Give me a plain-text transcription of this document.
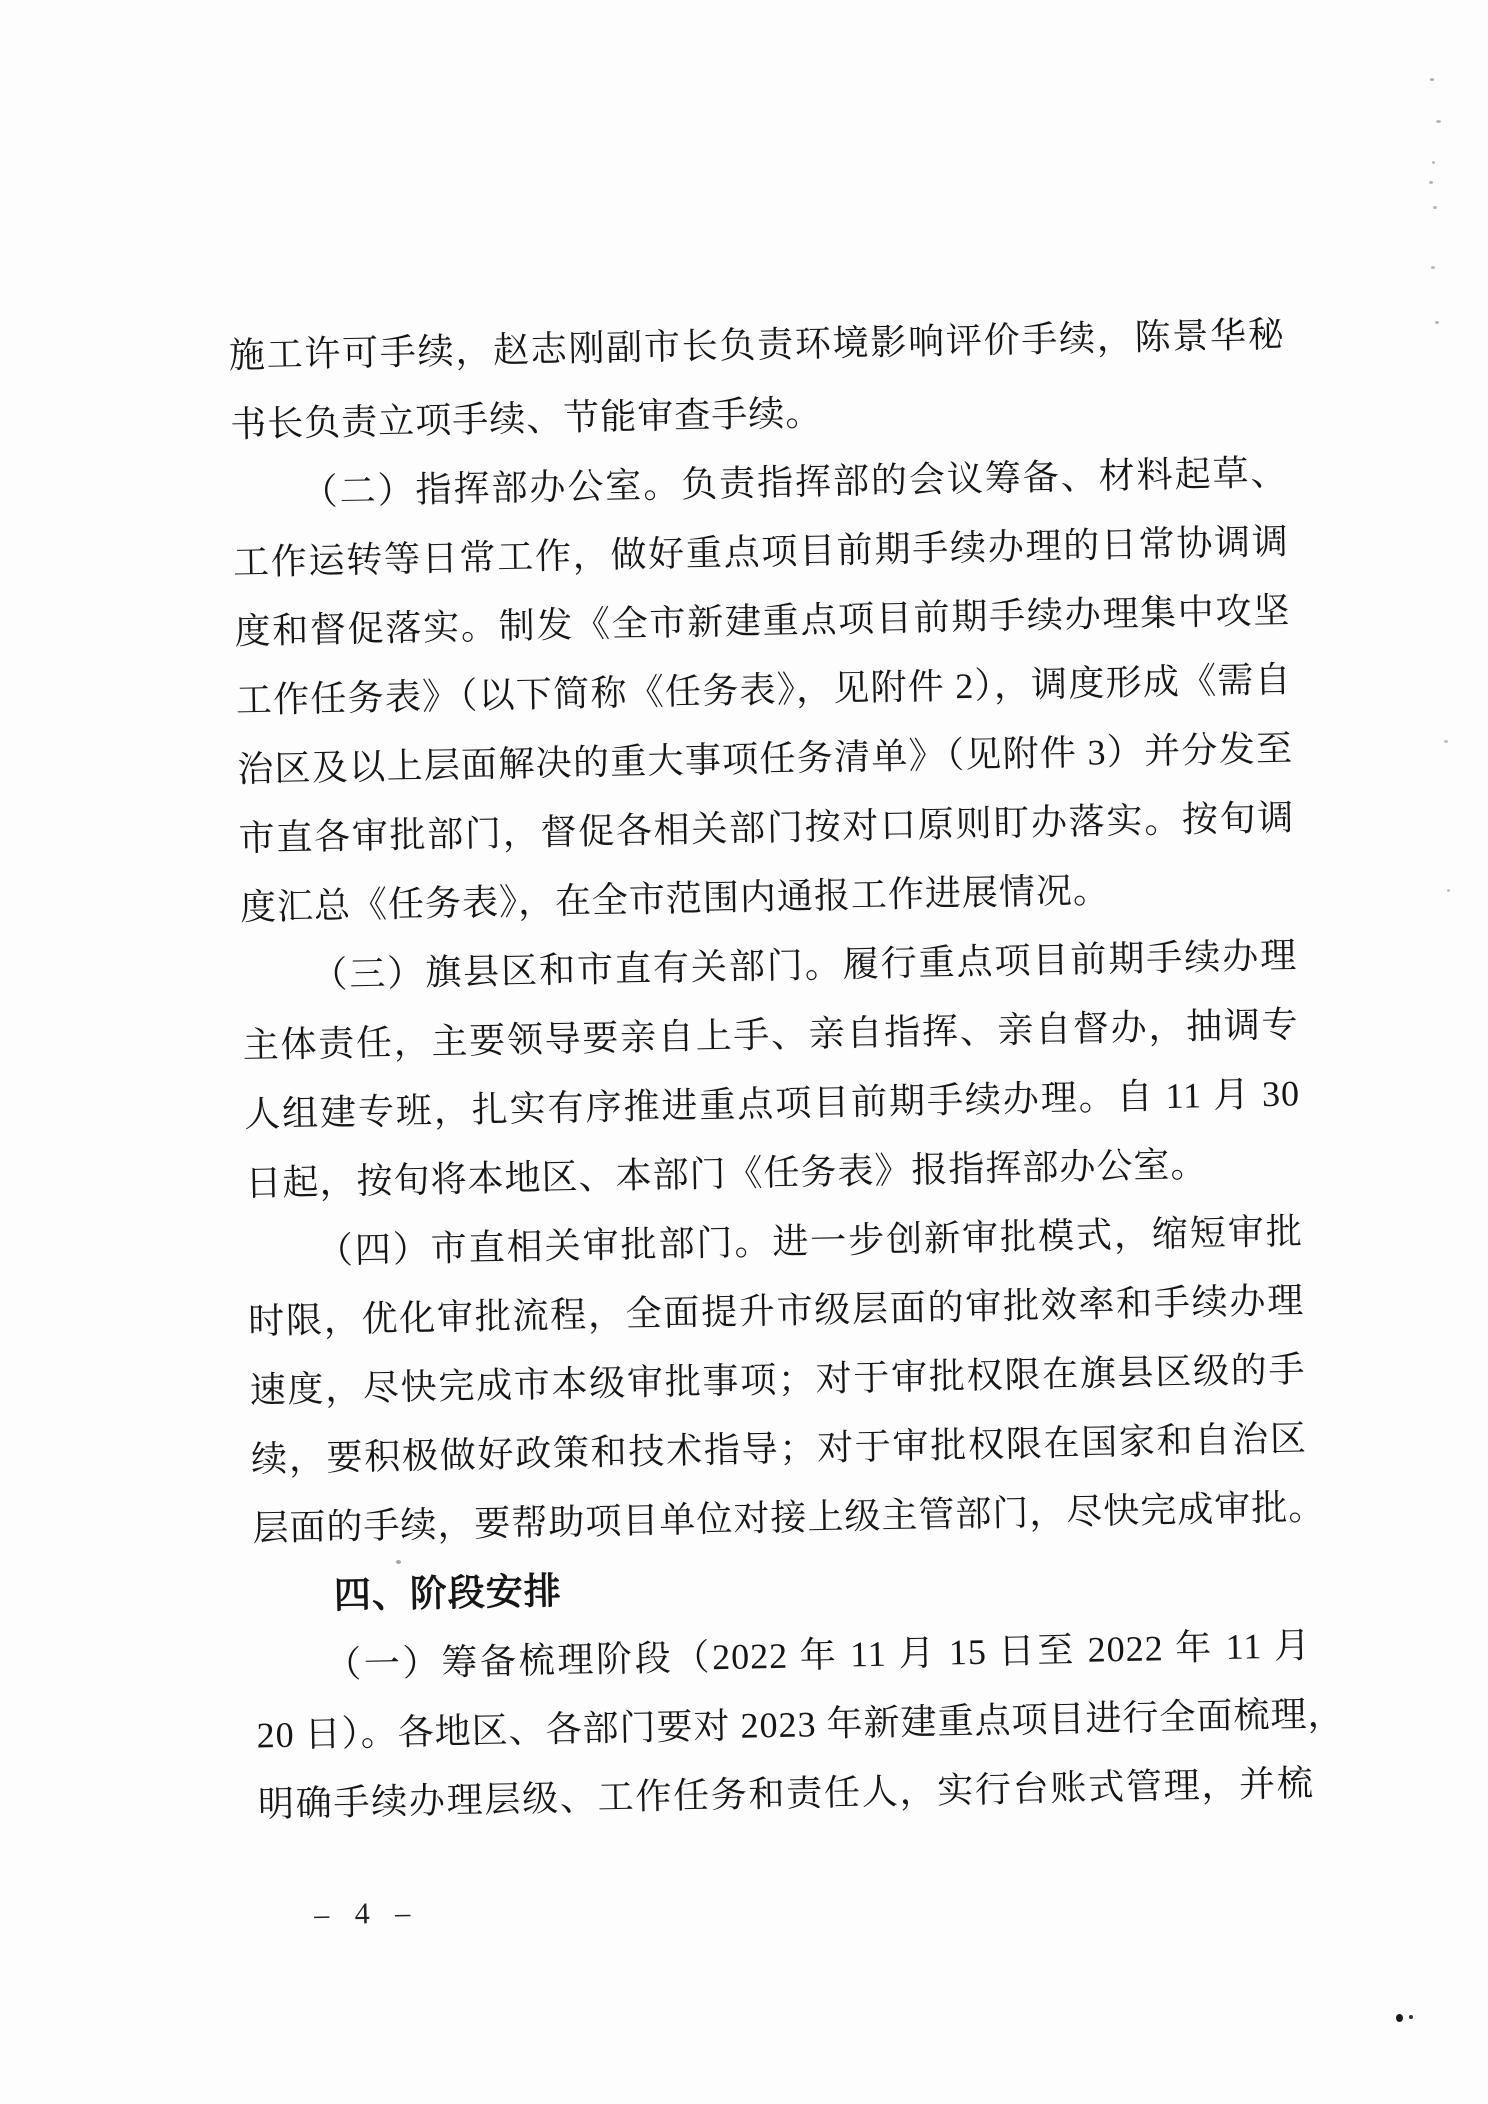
施工许可手续，赵志刚副市长负责环境影响评价手续，陈景华秘
书长负责立项手续、节能审查手续。
（二）指挥部办公室。负责指挥部的会议筹备、材料起草、
工作运转等日常工作，做好重点项目前期手续办理的日常协调调
度和督促落实。制发《全市新建重点项目前期手续办理集中攻坚
工作任务表》（以下简称《任务表》，见附件 2），调度形成《需自
治区及以上层面解决的重大事项任务清单》（见附件 3）并分发至
市直各审批部门，督促各相关部门按对口原则盯办落实。按旬调
度汇总《任务表》，在全市范围内通报工作进展情况。
（三）旗县区和市直有关部门。履行重点项目前期手续办理
主体责任，主要领导要亲自上手、亲自指挥、亲自督办，抽调专
人组建专班，扎实有序推进重点项目前期手续办理。自 11 月 30
日起，按旬将本地区、本部门《任务表》报指挥部办公室。
（四）市直相关审批部门。进一步创新审批模式，缩短审批
时限，优化审批流程，全面提升市级层面的审批效率和手续办理
速度，尽快完成市本级审批事项；对于审批权限在旗县区级的手
续，要积极做好政策和技术指导；对于审批权限在国家和自治区
层面的手续，要帮助项目单位对接上级主管部门，尽快完成审批。
四、阶段安排
（一）筹备梳理阶段（2022 年 11 月 15 日至 2022 年 11 月
20 日）。各地区、各部门要对 2023 年新建重点项目进行全面梳理，
明确手续办理层级、工作任务和责任人，实行台账式管理，并梳
– 4 –
